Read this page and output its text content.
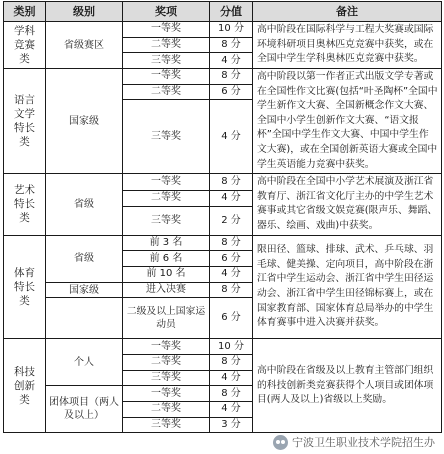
类别	级别	奖项	分值	备注
学科竞赛类	省级赛区	一等奖	10 分	高中阶段在国际科学与工程大奖赛或国际环境科研项目奥林匹克竞赛中获奖，或在全国中学生学科奥林匹克竞赛中获奖。
		二等奖	8 分	
		三等奖	4 分	
语言文学特长类	国家级	一等奖	8 分	高中阶段以第一作者正式出版文学专著或在全国性作文比赛(包括“叶圣陶杯”全国中学生新作文大赛、全国新概念作文大赛、全国中小学生创新作文大赛、“语文报杯”全国中学生作文大赛、中国中学生作文大赛)，或在全国创新英语大赛或全国中学生英语能力竞赛中获奖。
		二等奖	6 分	
		三等奖	4 分	

艺术特长类	省级	一等奖	8 分	高中阶段在全国中小学艺术展演及浙江省教育厅、浙江省文化厅主办的中学生艺术赛事或其它省级文娱竞赛(限声乐、舞蹈、器乐、绘画、戏曲)中获奖。
		二等奖	4 分	
		三等奖	2 分	
体育特长类	省级	前 3 名	8 分	限田径、篮球、排球、武术、乒乓球、羽毛球、健美操、定向项目，高中阶段在浙江省中学生运动会、浙江省中学生田径运动会、浙江省中学生田径锦标赛上，或在国家教育部、国家体育总局举办的中学生体育赛事中进入决赛并获奖。
		前 6 名	6 分	
		前 10 名	4 分	
	国家级	进入决赛	8 分	
		二级及以上国家运动员	6 分	
科技创新类	个人	一等奖	10 分	高中阶段在省级及以上教育主管部门组织的科技创新类竞赛获得个人项目或团体项目(两人及以上)省级以上奖励。
		二等奖	8 分	
		三等奖	4 分	
	团体项目（两人及以上）	一等奖	8 分	
		二等奖	4 分	
		三等奖	3 分	
宁波卫生职业技术学院招生办
